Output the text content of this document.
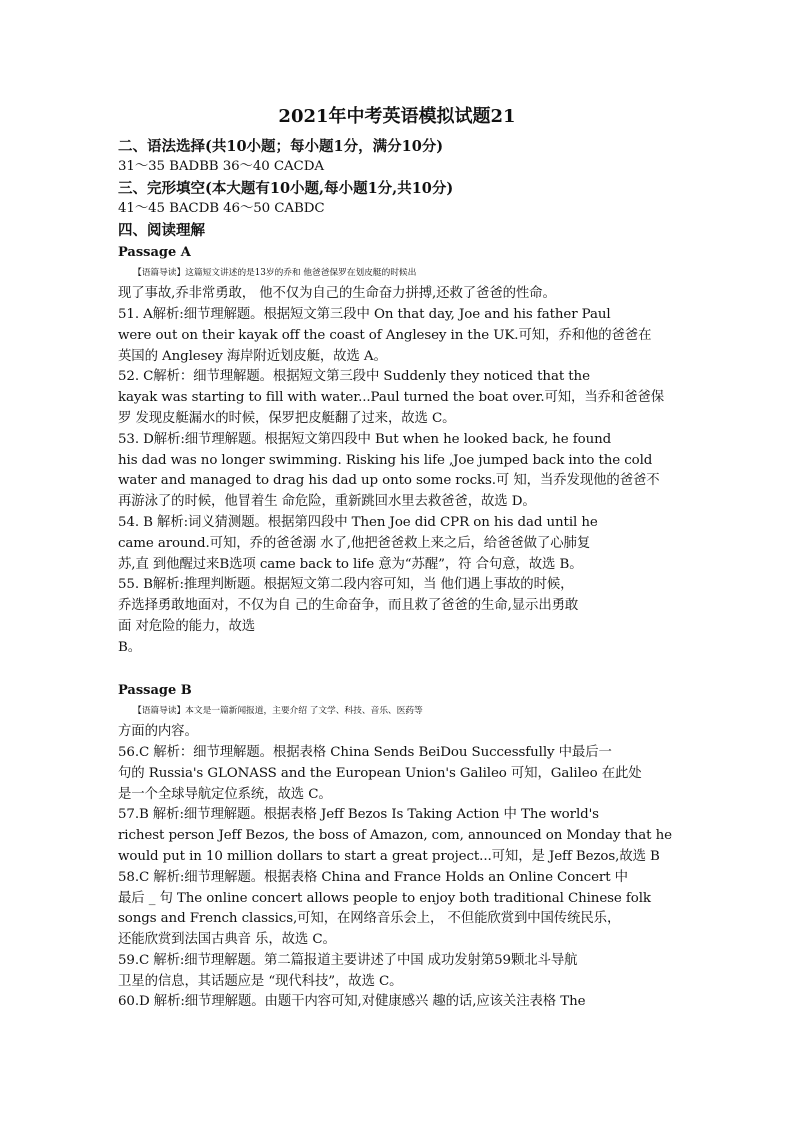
2021年中考英语模拟试题21
二、语法选择(共10小题；每小题1分，满分10分)
31～35 BADBB 36～40 CACDA
三、完形填空(本大题有10小题,每小题1分,共10分)
41～45 BACDB 46～50 CABDC
四、阅读理解
Passage A
【语篇导读】这篇短文讲述的是13岁的乔和 他爸爸保罗在划皮艇的时候出
现了事故,乔非常勇敢， 他不仅为自己的生命奋力拼搏,还救了爸爸的性命。
51. A解析:细节理解题。根据短文第三段中 On that day, Joe and his father Paul
were out on their kayak off the coast of Anglesey in the UK.可知，乔和他的爸爸在
英国的 Anglesey 海岸附近划皮艇，故选 A。
52. C解析：细节理解题。根据短文第三段中 Suddenly they noticed that the
kayak was starting to fill with water...Paul turned the boat over.可知，当乔和爸爸保
罗 发现皮艇漏水的时候，保罗把皮艇翻了过来，故选 C。
53. D解析:细节理解题。根据短文第四段中 But when he looked back, he found
his dad was no longer swimming. Risking his life ,Joe jumped back into the cold
water and managed to drag his dad up onto some rocks.可 知，当乔发现他的爸爸不
再游泳了的时候，他冒着生 命危险，重新跳回水里去救爸爸，故选 D。
54. B 解析:词义猜测题。根据第四段中 Then Joe did CPR on his dad until he
came around.可知，乔的爸爸溺 水了,他把爸爸救上来之后，给爸爸做了心肺复
苏,直 到他醒过来B选项 came back to life 意为“苏醒”，符 合句意，故选 B。
55. B解析:推理判断题。根据短文第二段内容可知，当 他们遇上事故的时候，
乔选择勇敢地面对，不仅为自 己的生命奋争，而且救了爸爸的生命,显示出勇敢
面 对危险的能力，故选
B。
Passage B
【语篇导读】本文是一篇新闻报道，主要介绍 了文学、科技、音乐、医药等
方面的内容。
56.C 解析：细节理解题。根据表格 China Sends BeiDou Successfully 中最后一
句的 Russia's GLONASS and the European Union's Galileo 可知，Galileo 在此处
是一个全球导航定位系统，故选 C。
57.B 解析:细节理解题。根据表格 Jeff Bezos Is Taking Action 中 The world's
richest person Jeff Bezos, the boss of Amazon, com, announced on Monday that he
would put in 10 million dollars to start a great project...可知，是 Jeff Bezos,故选 B
58.C 解析:细节理解题。根据表格 China and France Holds an Online Concert 中
最后 _ 句 The online concert allows people to enjoy both traditional Chinese folk
songs and French classics,可知，在网络音乐会上， 不但能欣赏到中国传统民乐，
还能欣赏到法国古典音 乐，故选 C。
59.C 解析:细节理解题。第二篇报道主要讲述了中国 成功发射第59颗北斗导航
卫星的信息，其话题应是 “现代科技”，故选 C。
60.D 解析:细节理解题。由题干内容可知,对健康感兴 趣的话,应该关注表格 The
